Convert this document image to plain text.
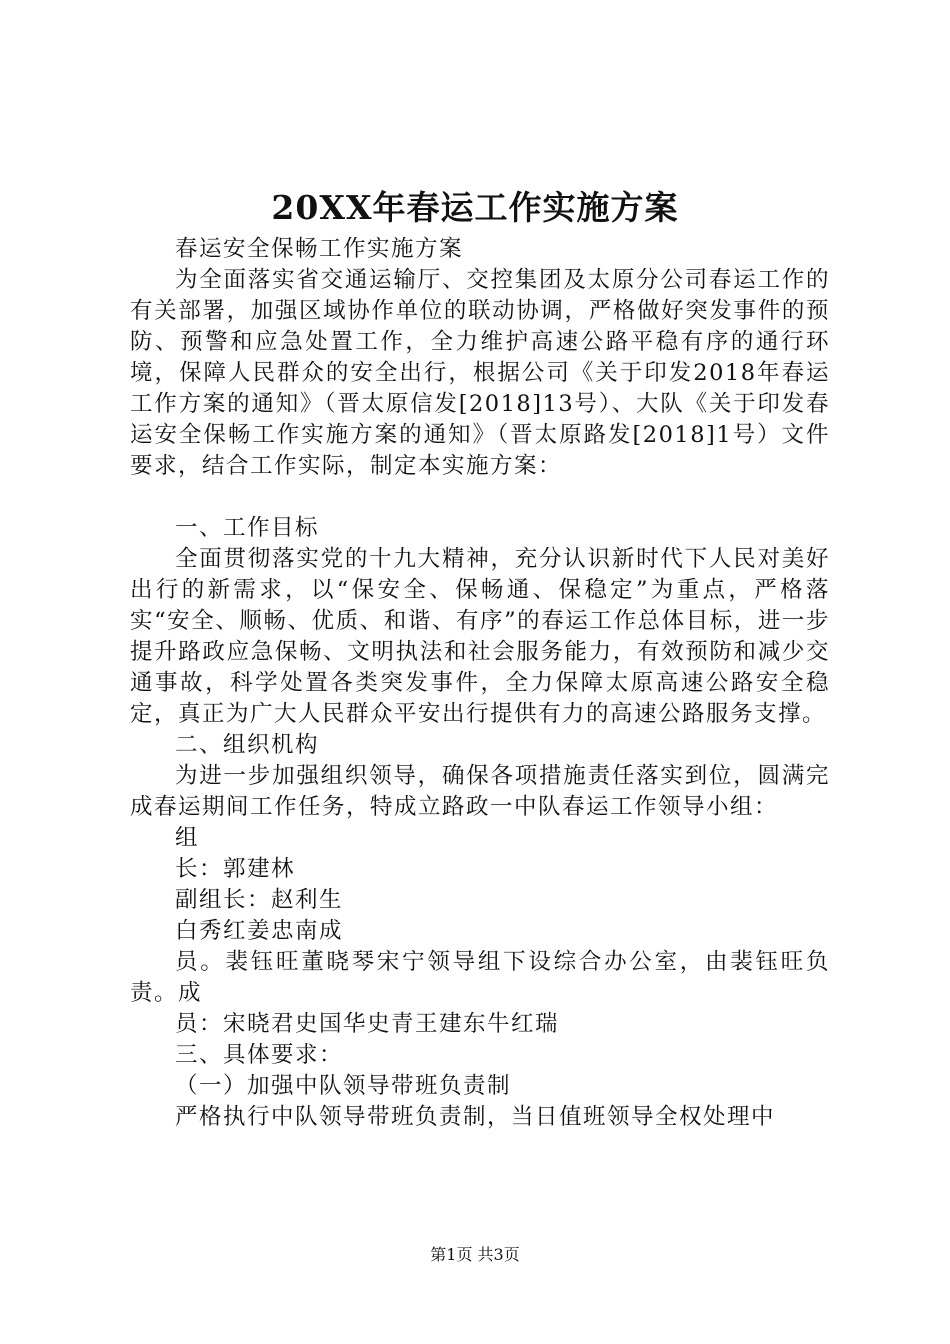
20XX年春运工作实施方案

春运安全保畅工作实施方案

为全面落实省交通运输厅、交控集团及太原分公司春运工作的有关部署，加强区域协作单位的联动协调，严格做好突发事件的预防、预警和应急处置工作，全力维护高速公路平稳有序的通行环境，保障人民群众的安全出行，根据公司《关于印发2018年春运工作方案的通知》（晋太原信发[2018]13号）、大队《关于印发春运安全保畅工作实施方案的通知》（晋太原路发[2018]1号）文件要求，结合工作实际，制定本实施方案：

一、工作目标

全面贯彻落实党的十九大精神，充分认识新时代下人民对美好出行的新需求，以“保安全、保畅通、保稳定”为重点，严格落实“安全、顺畅、优质、和谐、有序”的春运工作总体目标，进一步提升路政应急保畅、文明执法和社会服务能力，有效预防和减少交通事故，科学处置各类突发事件，全力保障太原高速公路安全稳定，真正为广大人民群众平安出行提供有力的高速公路服务支撑。

二、组织机构

为进一步加强组织领导，确保各项措施责任落实到位，圆满完成春运期间工作任务，特成立路政一中队春运工作领导小组：

组

长：郭建林

副组长：赵利生

白秀红姜忠南成

员。裴钰旺董晓琴宋宁领导组下设综合办公室，由裴钰旺负责。成

员：宋晓君史国华史青王建东牛红瑞

三、具体要求：

（一）加强中队领导带班负责制

严格执行中队领导带班负责制，当日值班领导全权处理中

第1页 共3页
